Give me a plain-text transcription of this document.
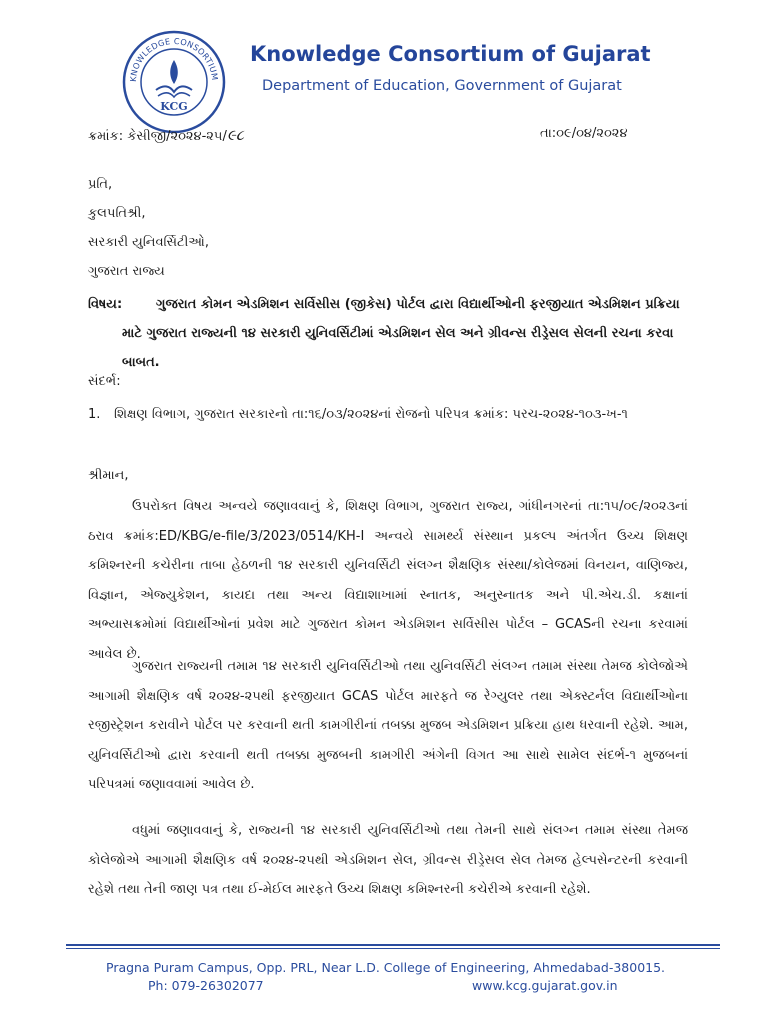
KNOWLEDGE CONSORTIUM
KCG
Knowledge Consortium of Gujarat
Department of Education, Government of Gujarat
ક્રમાંક: કેસીજી/૨૦૨૪-૨૫/૯૮	તા:૦૯/૦૪/૨૦૨૪
પ્રતિ,
કુલપતિશ્રી,
સરકારી યુનિવર્સિટીઓ,
ગુજરાત રાજ્ય
વિષય:	ગુજરાત કોમન એડમિશન સર્વિસીસ (જીકેસ) પોર્ટલ દ્વારા વિદ્યાર્થીઓની ફરજીયાત એડમિશન પ્રક્રિયા માટે ગુજરાત રાજ્યની ૧૪ સરકારી યુનિવર્સિટીમાં એડમિશન સેલ અને ગ્રીવન્સ રીડ્રેસલ સેલની રચના કરવા બાબત.
સંદર્ભ:
1.	શિક્ષણ વિભાગ, ગુજરાત સરકારનો તા:૧૬/૦૩/૨૦૨૪નાં રોજનો પરિપત્ર ક્રમાંક: પરચ-૨૦૨૪-૧૦૩-ખ-૧
શ્રીમાન,
ઉપરોક્ત વિષય અન્વયે જણાવવાનું કે, શિક્ષણ વિભાગ, ગુજરાત રાજ્ય, ગાંધીનગરનાં તા:૧૫/૦૯/૨૦૨૩નાં ઠરાવ ક્રમાંક:ED/KBG/e-file/3/2023/0514/KH-I અન્વયે સામર્થ્ય સંસ્થાન પ્રકલ્પ અંતર્ગત ઉચ્ચ શિક્ષણ કમિશ્નરની કચેરીના તાબા હેઠળની ૧૪ સરકારી યુનિવર્સિટી સંલગ્ન શૈક્ષણિક સંસ્થા/કોલેજમાં વિનયન, વાણિજ્ય, વિજ્ઞાન, એજ્યુકેશન, કાયદા તથા અન્ય વિદ્યાશાખામાં સ્નાતક, અનુસ્નાતક અને પી.એચ.ડી. કક્ષાનાં અભ્યાસક્રમોમાં વિદ્યાર્થીઓનાં પ્રવેશ માટે ગુજરાત કોમન એડમિશન સર્વિસીસ પોર્ટલ – GCASની રચના કરવામાં આવેલ છે.
ગુજરાત રાજ્યની તમામ ૧૪ સરકારી યુનિવર્સિટીઓ તથા યુનિવર્સિટી સંલગ્ન તમામ સંસ્થા તેમજ કોલેજોએ આગામી શૈક્ષણિક વર્ષ ૨૦૨૪-૨૫થી ફરજીયાત GCAS પોર્ટલ મારફતે જ રેગ્યુલર તથા એક્સ્ટર્નલ વિદ્યાર્થીઓના રજીસ્ટ્રેશન કરાવીને પોર્ટલ પર કરવાની થતી કામગીરીનાં તબક્કા મુજબ એડમિશન પ્રક્રિયા હાથ ધરવાની રહેશે. આમ, યુનિવર્સિટીઓ દ્વારા કરવાની થતી તબક્કા મુજબની કામગીરી અંગેની વિગત આ સાથે સામેલ સંદર્ભ-૧ મુજબનાં પરિપત્રમાં જણાવવામાં આવેલ છે.
વધુમાં જણાવવાનું કે, રાજ્યની ૧૪ સરકારી યુનિવર્સિટીઓ તથા તેમની સાથે સંલગ્ન તમામ સંસ્થા તેમજ કોલેજોએ આગામી શૈક્ષણિક વર્ષ ૨૦૨૪-૨૫થી એડમિશન સેલ, ગ્રીવન્સ રીડ્રેસલ સેલ તેમજ હેલ્પસેન્ટરની કરવાની રહેશે તથા તેની જાણ પત્ર તથા ઈ-મેઈલ મારફતે ઉચ્ચ શિક્ષણ કમિશ્નરની કચેરીએ કરવાની રહેશે.
Pragna Puram Campus, Opp. PRL, Near L.D. College of Engineering, Ahmedabad-380015.
Ph: 079-26302077	www.kcg.gujarat.gov.in
